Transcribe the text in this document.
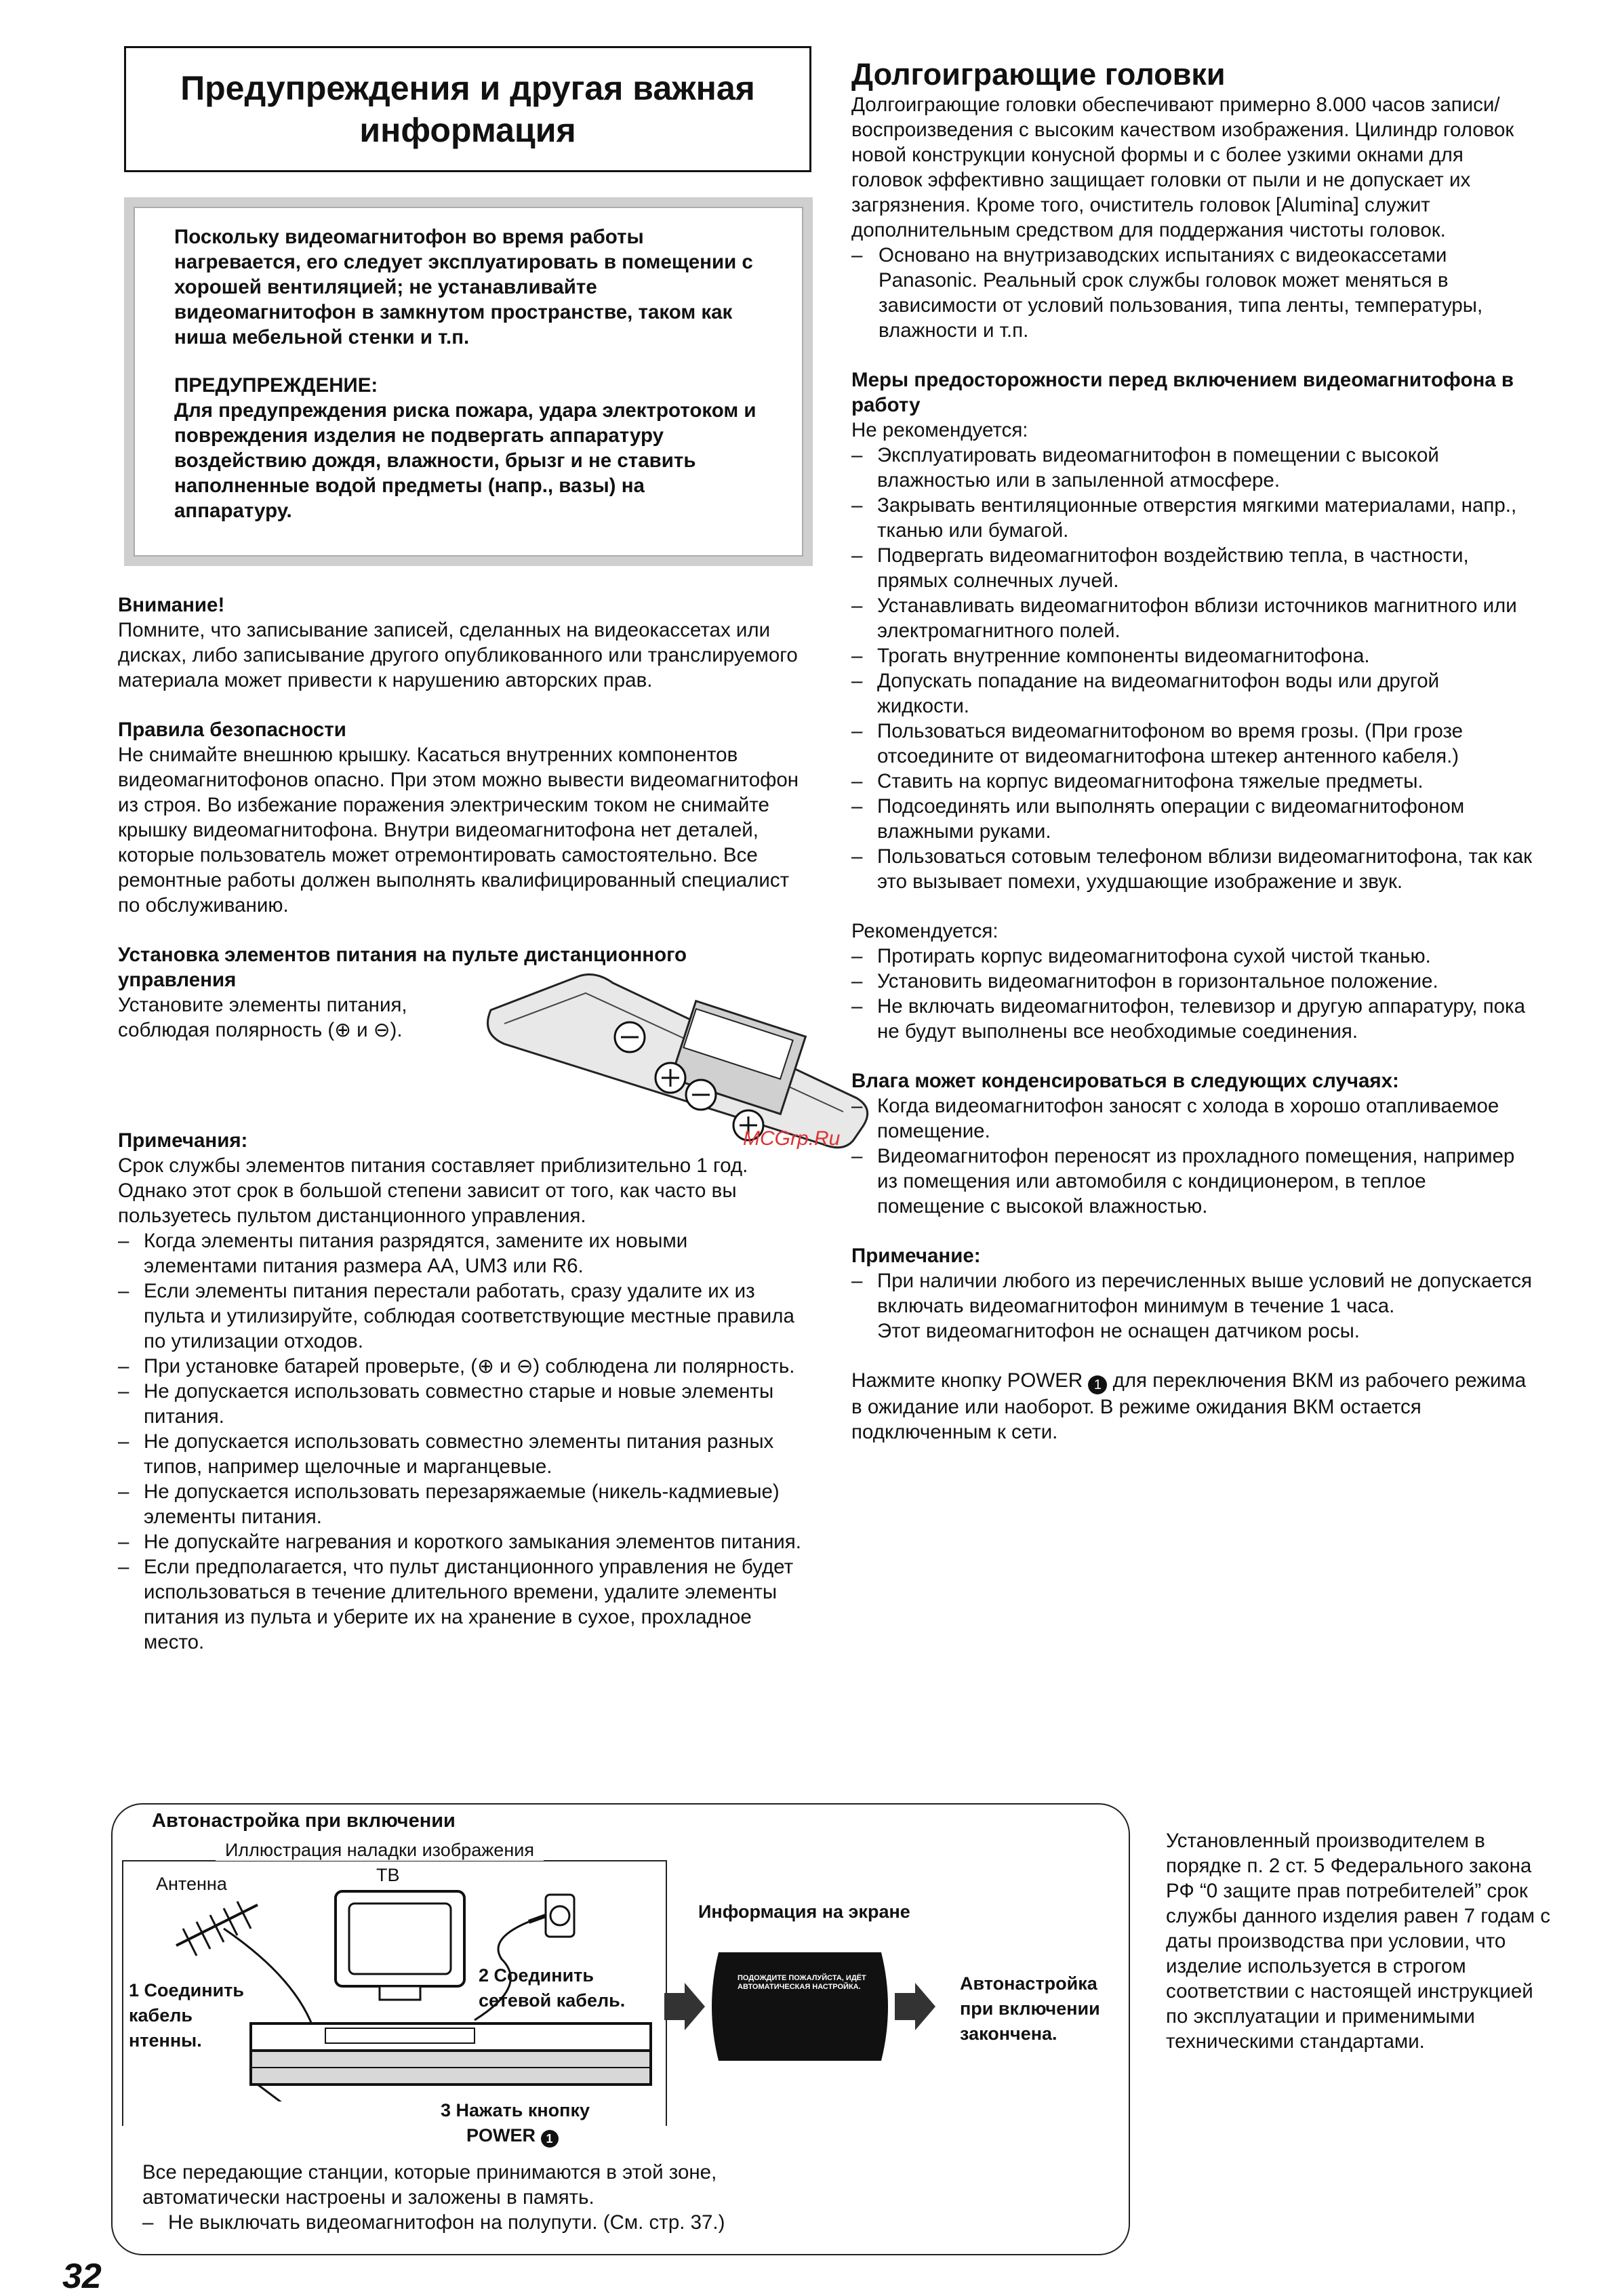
Предупреждения и другая важная информация

Поскольку видеомагнитофон во время работы нагревается, его следует эксплуатировать в помещении с хорошей вентиляцией; не устанавливайте видеомагнитофон в замкнутом пространстве, таком как ниша мебельной стенки и т.п.

ПРЕДУПРЕЖДЕНИЕ:

Для предупреждения риска пожара, удара электротоком и повреждения изделия не подвергать аппаратуру воздействию дождя, влажности, брызг и не ставить наполненные водой предметы (напр., вазы) на аппаратуру.

Внимание!

Помните, что записывание записей, сделанных на видеокассетах или дисках, либо записывание другого опубликованного или транслируемого материала может привести к нарушению авторских прав.

Правила безопасности

Не снимайте внешнюю крышку. Касаться внутренних компонентов видеомагнитофонов опасно. При этом можно вывести видеомагнитофон из строя. Во избежание поражения электрическим током не снимайте крышку видеомагнитофона. Внутри видеомагнитофона нет деталей, которые пользователь может отремонтировать самостоятельно. Все ремонтные работы должен выполнять квалифицированный специалист по обслуживанию.

Установка элементов питания на пульте дистанционного управления

Установите элементы питания, соблюдая полярность (⊕ и ⊖).

Примечания:

Срок службы элементов питания составляет приблизительно 1 год. Однако этот срок в большой степени зависит от того, как часто вы пользуетесь пультом дистанционного управления.

– Когда элементы питания разрядятся, замените их новыми элементами питания размера AA, UM3 или R6.

– Если элементы питания перестали работать, сразу удалите их из пульта и утилизируйте, соблюдая соответствующие местные правила по утилизации отходов.

– При установке батарей проверьте, (⊕ и ⊖) соблюдена ли полярность.

– Не допускается использовать совместно старые и новые элементы питания.

– Не допускается использовать совместно элементы питания разных типов, например щелочные и марганцевые.

– Не допускается использовать перезаряжаемые (никель-кадмиевые) элементы питания.

– Не допускайте нагревания и короткого замыкания элементов питания.

– Если предполагается, что пульт дистанционного управления не будет использоваться в течение длительного времени, удалите элементы питания из пульта и уберите их на хранение в сухое, прохладное место.

Долгоиграющие головки

Долгоиграющие головки обеспечивают примерно 8.000 часов записи/воспроизведения с высоким качеством изображения. Цилиндр головок новой конструкции конусной формы и с более узкими окнами для головок эффективно защищает головки от пыли и не допускает их загрязнения. Кроме того, очиститель головок [Alumina] служит дополнительным средством для поддержания чистоты головок.

– Основано на внутризаводских испытаниях с видеокассетами Panasonic. Реальный срок службы головок может меняться в зависимости от условий пользования, типа ленты, температуры, влажности и т.п.

Меры предосторожности перед включением видеомагнитофона в работу

Не рекомендуется:

– Эксплуатировать видеомагнитофон в помещении с высокой влажностью или в запыленной атмосфере.

– Закрывать вентиляционные отверстия мягкими материалами, напр., тканью или бумагой.

– Подвергать видеомагнитофон воздействию тепла, в частности, прямых солнечных лучей.

– Устанавливать видеомагнитофон вблизи источников магнитного или электромагнитного полей.

– Трогать внутренние компоненты видеомагнитофона.

– Допускать попадание на видеомагнитофон воды или другой жидкости.

– Пользоваться видеомагнитофоном во время грозы. (При грозе отсоедините от видеомагнитофона штекер антенного кабеля.)

– Ставить на корпус видеомагнитофона тяжелые предметы.

– Подсоединять или выполнять операции с видеомагнитофоном влажными руками.

– Пользоваться сотовым телефоном вблизи видеомагнитофона, так как это вызывает помехи, ухудшающие изображение и звук.

Рекомендуется:

– Протирать корпус видеомагнитофона сухой чистой тканью.

– Установить видеомагнитофон в горизонтальное положение.

– Не включать видеомагнитофон, телевизор и другую аппаратуру, пока не будут выполнены все необходимые соединения.

Влага может конденсироваться в следующих случаях:

– Когда видеомагнитофон заносят с холода в хорошо отапливаемое помещение.

– Видеомагнитофон переносят из прохладного помещения, например из помещения или автомобиля с кондиционером, в теплое помещение с высокой влажностью.

Примечание:

– При наличии любого из перечисленных выше условий не допускается включать видеомагнитофон минимум в течение 1 часа.

Этот видеомагнитофон не оснащен датчиком росы.

Нажмите кнопку POWER 1 для переключения ВКМ из рабочего режима в ожидание или наоборот. В режиме ожидания ВКМ остается подключенным к сети.

MCGrp.Ru

Автонастройка при включении

Иллюстрация наладки изображения
Антенна	ТВ
1 Соединить кабель нтенны.
2 Соединить сетевой кабель.
3 Нажать кнопку
POWER 1
Информация на экране
ПОДОЖДИТЕ ПОЖАЛУЙСТА, ИДЁТ АВТОМАТИЧЕСКАЯ НАСТРОЙКА.	Автонастройка при включении закончена.

Все передающие станции, которые принимаются в этой зоне, автоматически настроены и заложены в память.

– Не выключать видеомагнитофон на полупути. (См. стр. 37.)

Установленный производителем в порядке п. 2 ст. 5 Федерального закона РФ “0 защите прав потребителей” срок службы данного изделия равен 7 годам с даты производства при условии, что изделие используется в строгом соответствии с настоящей инструкцией по эксплуатации и применимыми техническими стандартами.

32
